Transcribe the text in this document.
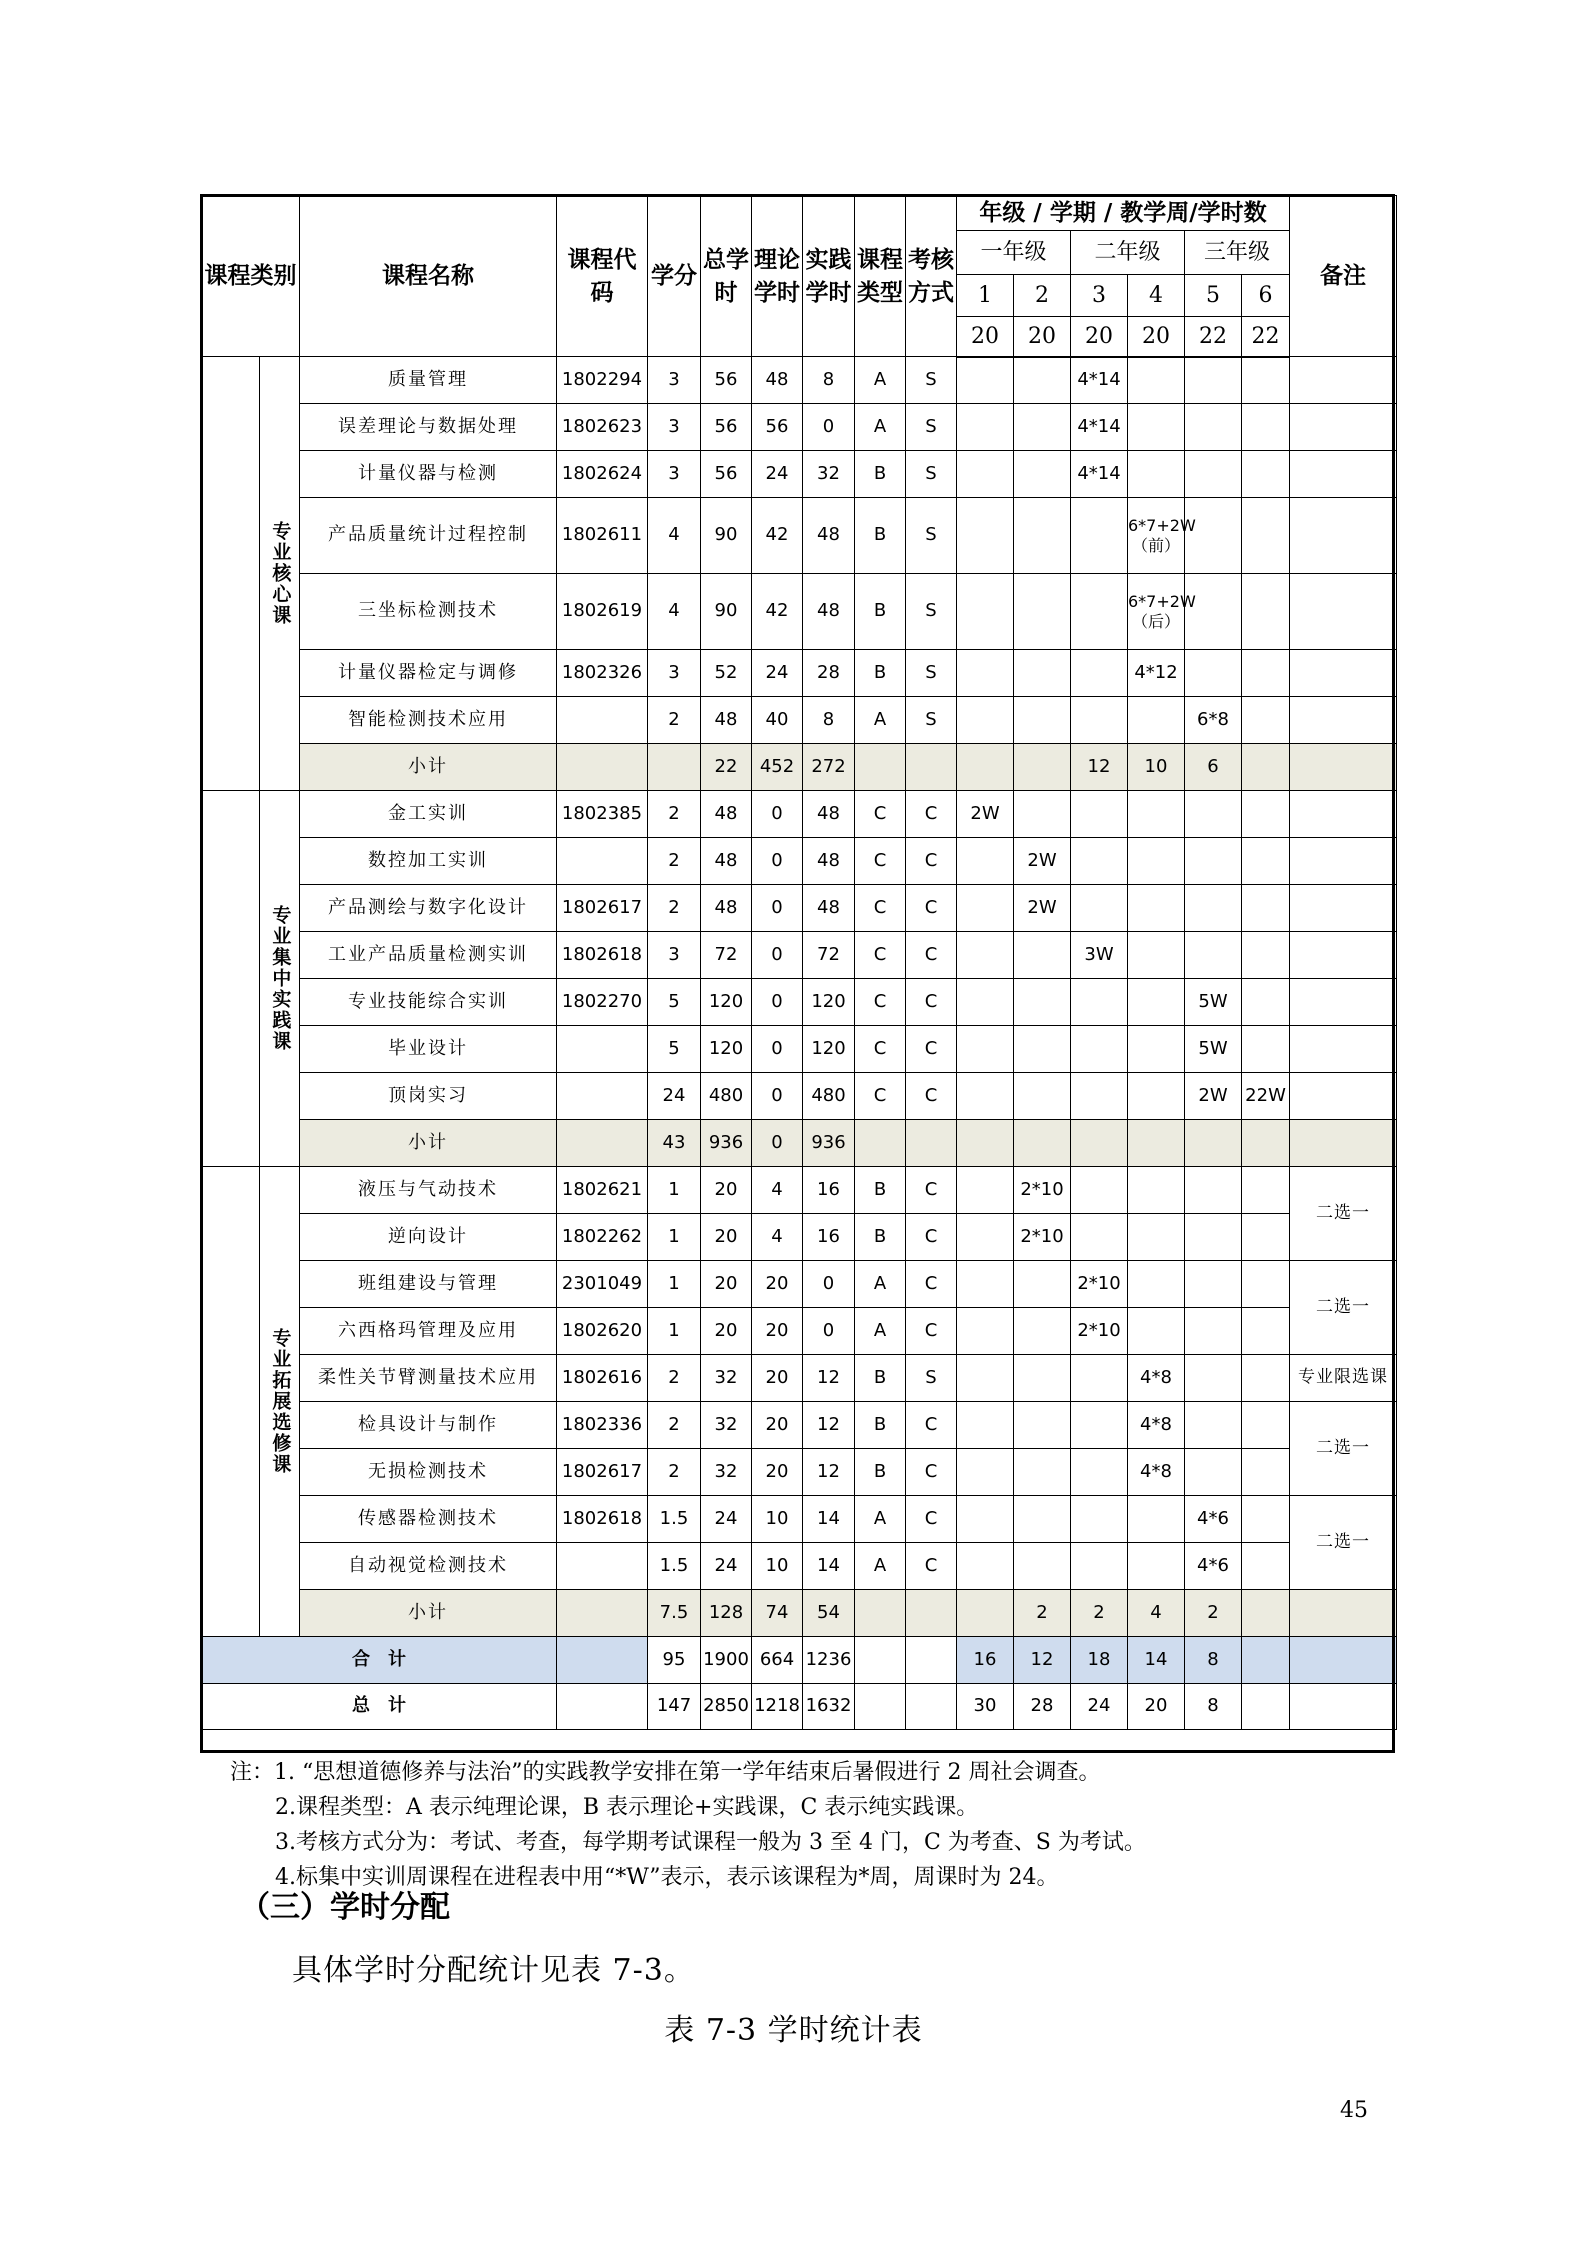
课程类别		课程名称	课程代码	学分	总学时	理论学时	实践学时	课程类型	考核方式	年级 / 学期 / 教学周/学时数						备注
										一年级		二年级		三年级		
										1	2	3	4	5	6	
										20	20	20	20	22	22	
	专业核心课	质量管理	1802294	3	56	48	8	A	S			4*14				
		误差理论与数据处理	1802623	3	56	56	0	A	S			4*14				
		计量仪器与检测	1802624	3	56	24	32	B	S			4*14				
		产品质量统计过程控制	1802611	4	90	42	48	B	S				6*7+2W（前）			
		三坐标检测技术	1802619	4	90	42	48	B	S				6*7+2W（后）			
		计量仪器检定与调修	1802326	3	52	24	28	B	S				4*12			
		智能检测技术应用		2	48	40	8	A	S					6*8		
		小计			22	452	272					12	10	6		
	专业集中实践课	金工实训	1802385	2	48	0	48	C	C	2W						
		数控加工实训		2	48	0	48	C	C		2W					
		产品测绘与数字化设计	1802617	2	48	0	48	C	C		2W					
		工业产品质量检测实训	1802618	3	72	0	72	C	C			3W				
		专业技能综合实训	1802270	5	120	0	120	C	C					5W		
		毕业设计		5	120	0	120	C	C					5W		
		顶岗实习		24	480	0	480	C	C					2W	22W	
		小计		43	936	0	936									
	专业拓展选修课	液压与气动技术	1802621	1	20	4	16	B	C		2*10					二选一
		逆向设计	1802262	1	20	4	16	B	C		2*10					
		班组建设与管理	2301049	1	20	20	0	A	C			2*10				二选一
		六西格玛管理及应用	1802620	1	20	20	0	A	C			2*10				
		柔性关节臂测量技术应用	1802616	2	32	20	12	B	S				4*8			专业限选课
		检具设计与制作	1802336	2	32	20	12	B	C				4*8			二选一
		无损检测技术	1802617	2	32	20	12	B	C				4*8			
		传感器检测技术	1802618	1.5	24	10	14	A	C					4*6		二选一
		自动视觉检测技术		1.5	24	10	14	A	C					4*6		
		小计		7.5	128	74	54				2	2	4	2		
合　计				95	1900	664	1236			16	12	18	14	8		
总　计				147	2850	1218	1632			30	28	24	20	8		
注：1. “思想道德修养与法治”的实践教学安排在第一学年结束后暑假进行 2 周社会调查。
2.课程类型：A 表示纯理论课，B 表示理论+实践课，C 表示纯实践课。
3.考核方式分为：考试、考查，每学期考试课程一般为 3 至 4 门，C 为考查、S 为考试。
4.标集中实训周课程在进程表中用“*W”表示，表示该课程为*周，周课时为 24。
（三）学时分配
具体学时分配统计见表 7-3。
表 7-3 学时统计表
45
